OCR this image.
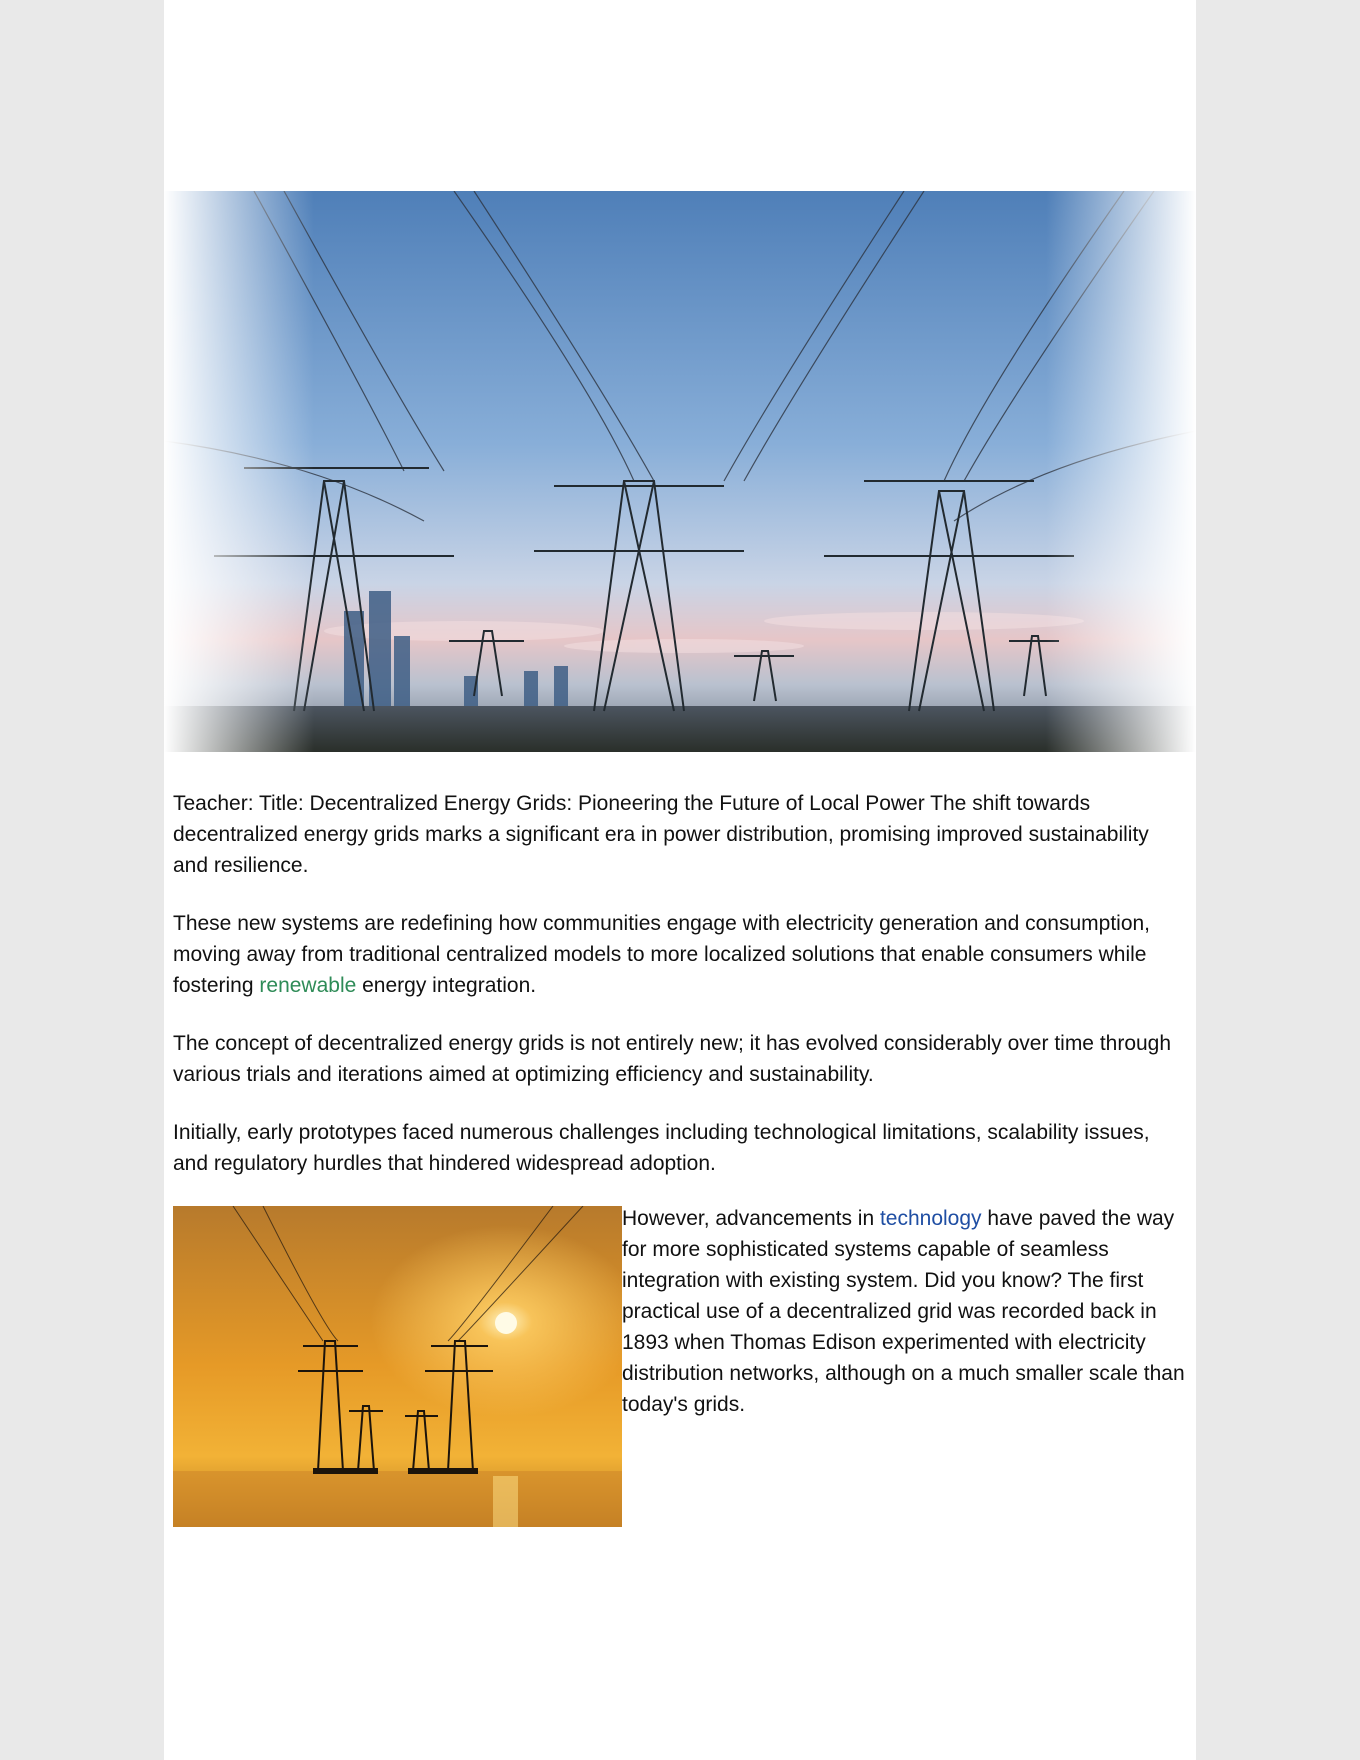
Teacher: Title: Decentralized Energy Grids: Pioneering the Future of Local Power The shift towards decentralized energy grids marks a significant era in power distribution, promising improved sustainability and resilience.

These new systems are redefining how communities engage with electricity generation and consumption, moving away from traditional centralized models to more localized solutions that enable consumers while fostering renewable energy integration.

The concept of decentralized energy grids is not entirely new; it has evolved considerably over time through various trials and iterations aimed at optimizing efficiency and sustainability.

Initially, early prototypes faced numerous challenges including technological limitations, scalability issues, and regulatory hurdles that hindered widespread adoption.

However, advancements in technology have paved the way for more sophisticated systems capable of seamless integration with existing system. Did you know? The first practical use of a decentralized grid was recorded back in 1893 when Thomas Edison experimented with electricity distribution networks, although on a much smaller scale than today's grids.
